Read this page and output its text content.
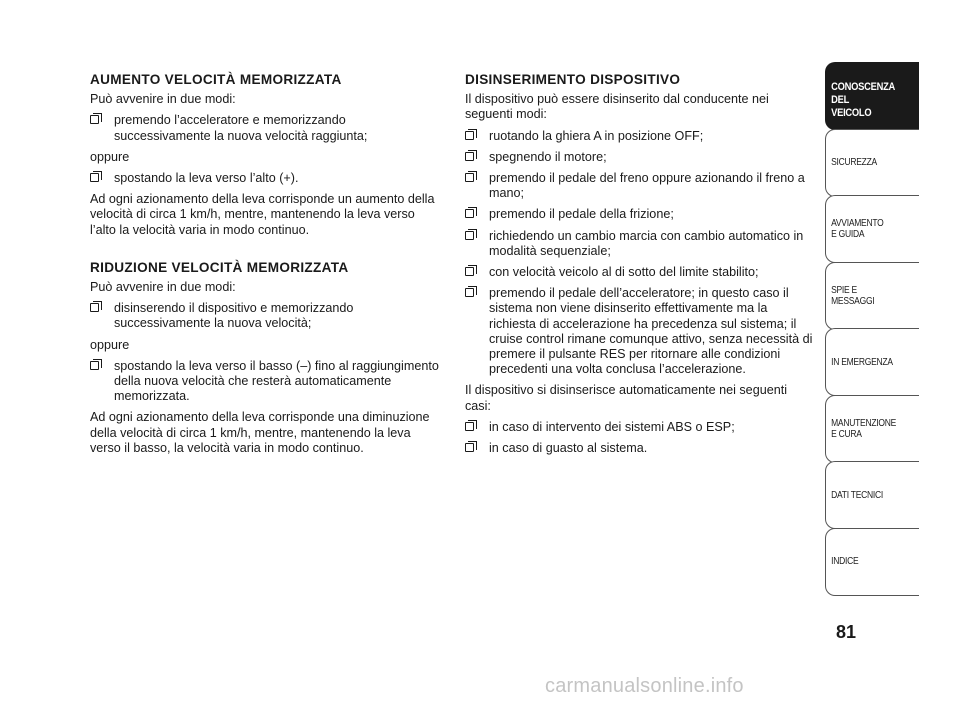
AUMENTO VELOCITÀ MEMORIZZATA
Può avvenire in due modi:
premendo l’acceleratore e memorizzando successivamente la nuova velocità raggiunta;
oppure
spostando la leva verso l’alto (+).
Ad ogni azionamento della leva corrisponde un aumento della velocità di circa 1 km/h, mentre, mantenendo la leva verso l’alto la velocità varia in modo continuo.
RIDUZIONE VELOCITÀ MEMORIZZATA
Può avvenire in due modi:
disinserendo il dispositivo e memorizzando successivamente la nuova velocità;
oppure
spostando la leva verso il basso (–) fino al raggiungimento della nuova velocità che resterà automaticamente memorizzata.
Ad ogni azionamento della leva corrisponde una diminuzione della velocità di circa 1 km/h, mentre, mantenendo la leva verso il basso, la velocità varia in modo continuo.
DISINSERIMENTO DISPOSITIVO
Il dispositivo può essere disinserito dal conducente nei seguenti modi:
ruotando la ghiera A in posizione OFF;
spegnendo il motore;
premendo il pedale del freno oppure azionando il freno a mano;
premendo il pedale della frizione;
richiedendo un cambio marcia con cambio automatico in modalità sequenziale;
con velocità veicolo al di sotto del limite stabilito;
premendo il pedale dell’acceleratore; in questo caso il sistema non viene disinserito effettivamente ma la richiesta di accelerazione ha precedenza sul sistema; il cruise control rimane comunque attivo, senza necessità di premere il pulsante RES per ritornare alle condizioni precedenti una volta conclusa l’accelerazione.
Il dispositivo si disinserisce automaticamente nei seguenti casi:
in caso di intervento dei sistemi ABS o ESP;
in caso di guasto al sistema.
CONOSCENZA
DEL
VEICOLO
SICUREZZA
AVVIAMENTO
E GUIDA
SPIE E
MESSAGGI
IN EMERGENZA
MANUTENZIONE
E CURA
DATI TECNICI
INDICE
81
carmanualsonline.info
